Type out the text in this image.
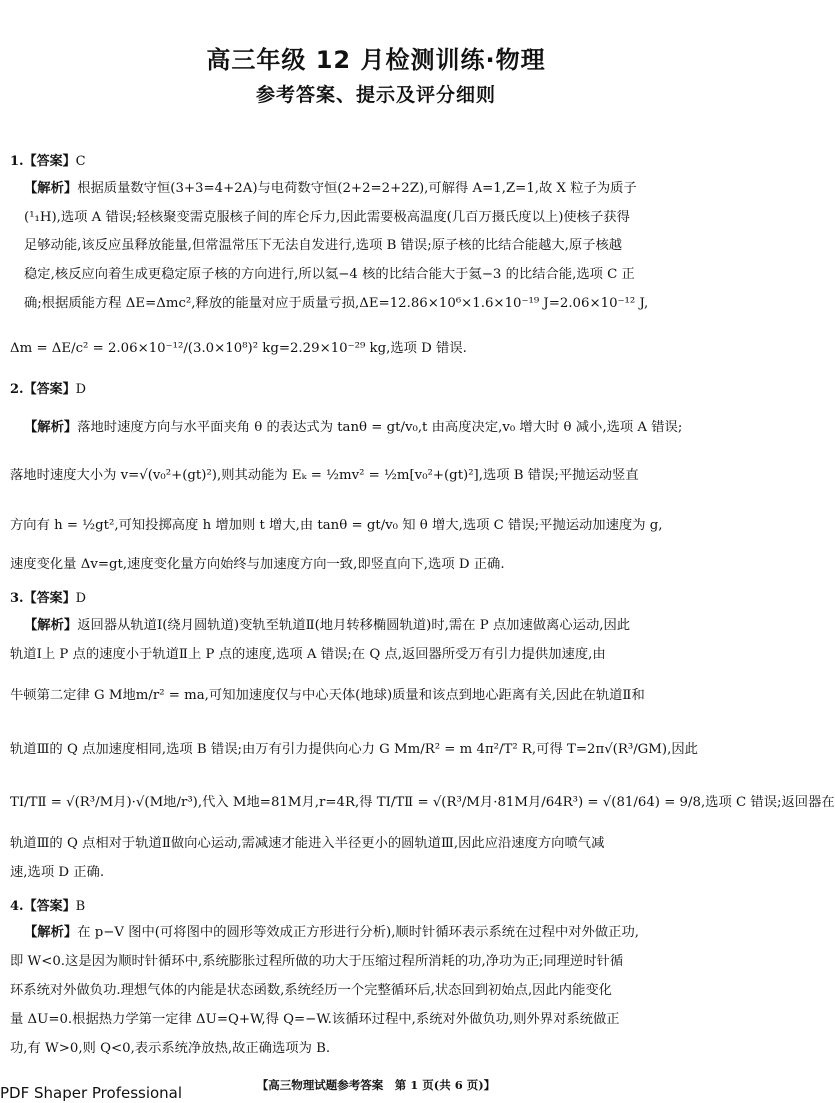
高三年级 12 月检测训练·物理
参考答案、提示及评分细则
1.【答案】C
【解析】根据质量数守恒(3+3=4+2A)与电荷数守恒(2+2=2+2Z),可解得 A=1,Z=1,故 X 粒子为质子
(¹₁H),选项 A 错误;轻核聚变需克服核子间的库仑斥力,因此需要极高温度(几百万摄氏度以上)使核子获得
足够动能,该反应虽释放能量,但常温常压下无法自发进行,选项 B 错误;原子核的比结合能越大,原子核越
稳定,核反应向着生成更稳定原子核的方向进行,所以氦−4 核的比结合能大于氦−3 的比结合能,选项 C 正
确;根据质能方程 ΔE=Δmc²,释放的能量对应于质量亏损,ΔE=12.86×10⁶×1.6×10⁻¹⁹ J=2.06×10⁻¹² J,
Δm = ΔE/c² = 2.06×10⁻¹²/(3.0×10⁸)² kg=2.29×10⁻²⁹ kg,选项 D 错误.
2.【答案】D
【解析】落地时速度方向与水平面夹角 θ 的表达式为 tanθ = gt/v₀,t 由高度决定,v₀ 增大时 θ 减小,选项 A 错误;
落地时速度大小为 v=√(v₀²+(gt)²),则其动能为 Eₖ = ½mv² = ½m[v₀²+(gt)²],选项 B 错误;平抛运动竖直
方向有 h = ½gt²,可知投掷高度 h 增加则 t 增大,由 tanθ = gt/v₀ 知 θ 增大,选项 C 错误;平抛运动加速度为 g,
速度变化量 Δv=gt,速度变化量方向始终与加速度方向一致,即竖直向下,选项 D 正确.
3.【答案】D
【解析】返回器从轨道Ⅰ(绕月圆轨道)变轨至轨道Ⅱ(地月转移椭圆轨道)时,需在 P 点加速做离心运动,因此
轨道Ⅰ上 P 点的速度小于轨道Ⅱ上 P 点的速度,选项 A 错误;在 Q 点,返回器所受万有引力提供加速度,由
牛顿第二定律 G M地m/r² = ma,可知加速度仅与中心天体(地球)质量和该点到地心距离有关,因此在轨道Ⅱ和
轨道Ⅲ的 Q 点加速度相同,选项 B 错误;由万有引力提供向心力 G Mm/R² = m 4π²/T² R,可得 T=2π√(R³/GM),因此
TⅠ/TⅡ = √(R³/M月)·√(M地/r³),代入 M地=81M月,r=4R,得 TⅠ/TⅡ = √(R³/M月·81M月/64R³) = √(81/64) = 9/8,选项 C 错误;返回器在
轨道Ⅲ的 Q 点相对于轨道Ⅱ做向心运动,需减速才能进入半径更小的圆轨道Ⅲ,因此应沿速度方向喷气减
速,选项 D 正确.
4.【答案】B
【解析】在 p−V 图中(可将图中的圆形等效成正方形进行分析),顺时针循环表示系统在过程中对外做正功,
即 W<0.这是因为顺时针循环中,系统膨胀过程所做的功大于压缩过程所消耗的功,净功为正;同理逆时针循
环系统对外做负功.理想气体的内能是状态函数,系统经历一个完整循环后,状态回到初始点,因此内能变化
量 ΔU=0.根据热力学第一定律 ΔU=Q+W,得 Q=−W.该循环过程中,系统对外做负功,则外界对系统做正
功,有 W>0,则 Q<0,表示系统净放热,故正确选项为 B.
【高三物理试题参考答案　第 1 页(共 6 页)】
PDF Shaper Professional
